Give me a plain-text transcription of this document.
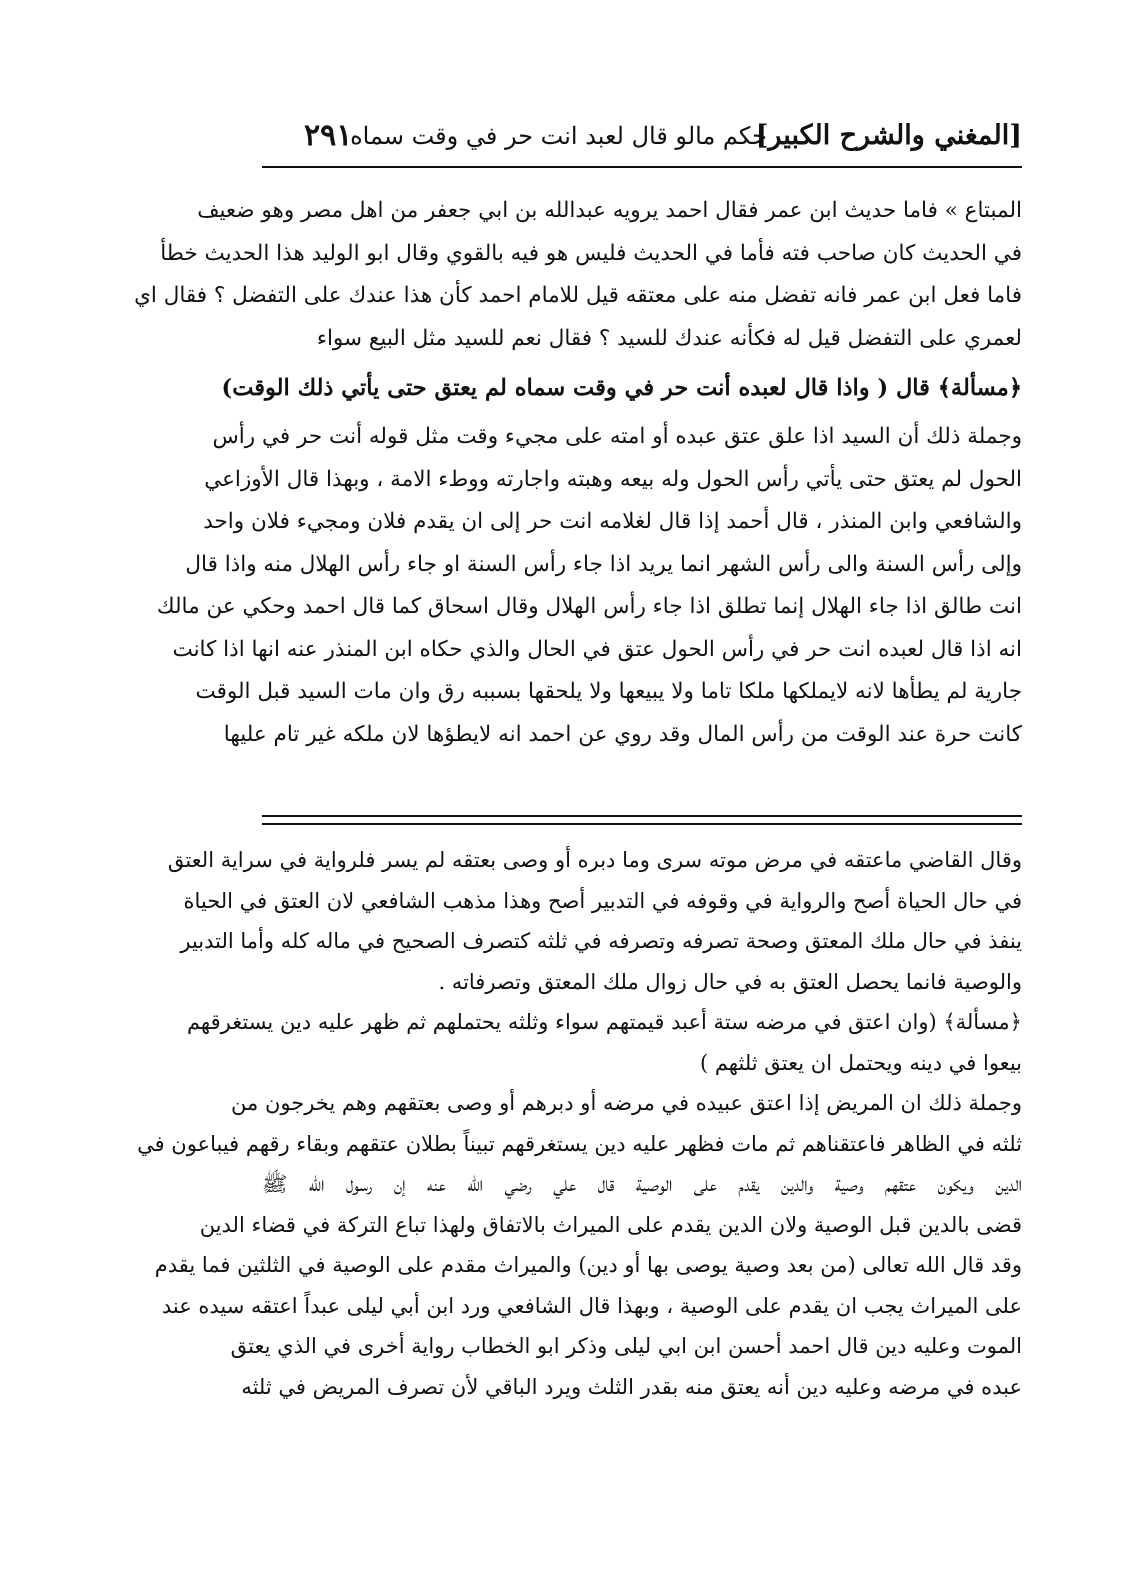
[المغني والشرح الكبير]
حكم مالو قال لعبد انت حر في وقت سماه
٢٩١
المبتاع » فاما حديث ابن عمر فقال احمد يرويه عبدالله بن ابي جعفر من اهل مصر وهو ضعيف
في الحديث كان صاحب فته فأما في الحديث فليس هو فيه بالقوي وقال ابو الوليد هذا الحديث خطأ
فاما فعل ابن عمر فانه تفضل منه على معتقه قيل للامام احمد كأن هذا عندك على التفضل ؟ فقال اي
لعمري على التفضل قيل له فكأنه عندك للسيد ؟ فقال نعم للسيد مثل البيع سواء
﴿مسألة﴾ قال ( واذا قال لعبده أنت حر في وقت سماه لم يعتق حتى يأتي ذلك الوقت)
وجملة ذلك أن السيد اذا علق عتق عبده أو امته على مجيء وقت مثل قوله أنت حر في رأس
الحول لم يعتق حتى يأتي رأس الحول وله بيعه وهبته واجارته ووطء الامة ، وبهذا قال الأوزاعي
والشافعي وابن المنذر ، قال أحمد إذا قال لغلامه انت حر إلى ان يقدم فلان ومجيء فلان واحد
وإلى رأس السنة والى رأس الشهر انما يريد اذا جاء رأس السنة او جاء رأس الهلال منه واذا قال
انت طالق اذا جاء الهلال إنما تطلق اذا جاء رأس الهلال وقال اسحاق كما قال احمد وحكي عن مالك
انه اذا قال لعبده انت حر في رأس الحول عتق في الحال والذي حكاه ابن المنذر عنه انها اذا كانت
جارية لم يطأها لانه لايملكها ملكا تاما ولا يبيعها ولا يلحقها بسببه رق وان مات السيد قبل الوقت
كانت حرة عند الوقت من رأس المال وقد روي عن احمد انه لايطؤها لان ملكه غير تام عليها
وقال القاضي ماعتقه في مرض موته سرى وما دبره أو وصى بعتقه لم يسر فلرواية في سراية العتق
في حال الحياة أصح والرواية في وقوفه في التدبير أصح وهذا مذهب الشافعي لان العتق في الحياة
ينفذ في حال ملك المعتق وصحة تصرفه وتصرفه في ثلثه كتصرف الصحيح في ماله كله وأما التدبير
والوصية فانما يحصل العتق به في حال زوال ملك المعتق وتصرفاته .
﴿مسألة﴾ (وان اعتق في مرضه ستة أعبد قيمتهم سواء وثلثه يحتملهم ثم ظهر عليه دين يستغرقهم
بيعوا في دينه ويحتمل ان يعتق ثلثهم )
وجملة ذلك ان المريض إذا اعتق عبيده في مرضه أو دبرهم أو وصى بعتقهم وهم يخرجون من
ثلثه في الظاهر فاعتقناهم ثم مات فظهر عليه دين يستغرقهم تبيناً بطلان عتقهم وبقاء رقهم فيباعون في
الدين ويكون عتقهم وصية والدين يقدم على الوصية قال علي رضي الله عنه إن رسول الله ﷺ
قضى بالدين قبل الوصية ولان الدين يقدم على الميراث بالاتفاق ولهذا تباع التركة في قضاء الدين
وقد قال الله تعالى (من بعد وصية يوصى بها أو دين) والميراث مقدم على الوصية في الثلثين فما يقدم
على الميراث يجب ان يقدم على الوصية ، وبهذا قال الشافعي ورد ابن أبي ليلى عبداً اعتقه سيده عند
الموت وعليه دين قال احمد أحسن ابن ابي ليلى وذكر ابو الخطاب رواية أخرى في الذي يعتق
عبده في مرضه وعليه دين أنه يعتق منه بقدر الثلث ويرد الباقي لأن تصرف المريض في ثلثه
